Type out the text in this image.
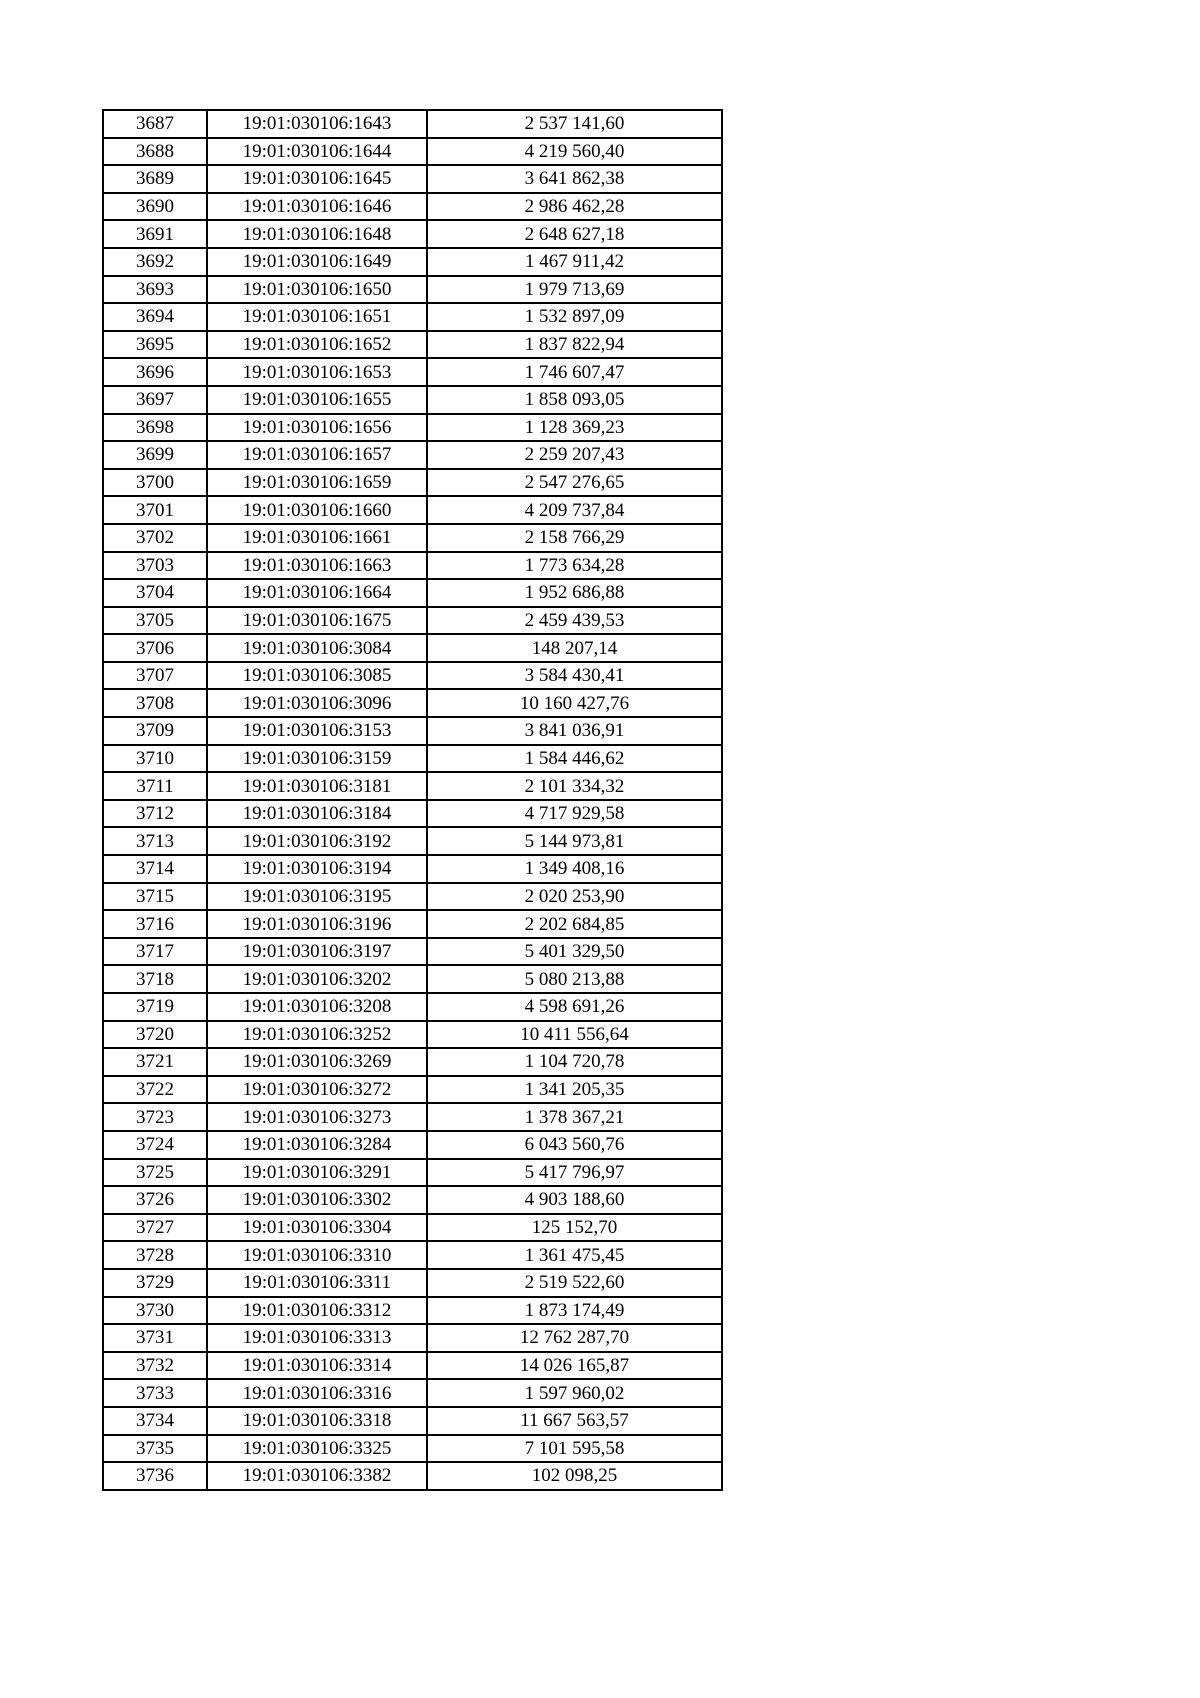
3687	19:01:030106:1643	2 537 141,60
3688	19:01:030106:1644	4 219 560,40
3689	19:01:030106:1645	3 641 862,38
3690	19:01:030106:1646	2 986 462,28
3691	19:01:030106:1648	2 648 627,18
3692	19:01:030106:1649	1 467 911,42
3693	19:01:030106:1650	1 979 713,69
3694	19:01:030106:1651	1 532 897,09
3695	19:01:030106:1652	1 837 822,94
3696	19:01:030106:1653	1 746 607,47
3697	19:01:030106:1655	1 858 093,05
3698	19:01:030106:1656	1 128 369,23
3699	19:01:030106:1657	2 259 207,43
3700	19:01:030106:1659	2 547 276,65
3701	19:01:030106:1660	4 209 737,84
3702	19:01:030106:1661	2 158 766,29
3703	19:01:030106:1663	1 773 634,28
3704	19:01:030106:1664	1 952 686,88
3705	19:01:030106:1675	2 459 439,53
3706	19:01:030106:3084	148 207,14
3707	19:01:030106:3085	3 584 430,41
3708	19:01:030106:3096	10 160 427,76
3709	19:01:030106:3153	3 841 036,91
3710	19:01:030106:3159	1 584 446,62
3711	19:01:030106:3181	2 101 334,32
3712	19:01:030106:3184	4 717 929,58
3713	19:01:030106:3192	5 144 973,81
3714	19:01:030106:3194	1 349 408,16
3715	19:01:030106:3195	2 020 253,90
3716	19:01:030106:3196	2 202 684,85
3717	19:01:030106:3197	5 401 329,50
3718	19:01:030106:3202	5 080 213,88
3719	19:01:030106:3208	4 598 691,26
3720	19:01:030106:3252	10 411 556,64
3721	19:01:030106:3269	1 104 720,78
3722	19:01:030106:3272	1 341 205,35
3723	19:01:030106:3273	1 378 367,21
3724	19:01:030106:3284	6 043 560,76
3725	19:01:030106:3291	5 417 796,97
3726	19:01:030106:3302	4 903 188,60
3727	19:01:030106:3304	125 152,70
3728	19:01:030106:3310	1 361 475,45
3729	19:01:030106:3311	2 519 522,60
3730	19:01:030106:3312	1 873 174,49
3731	19:01:030106:3313	12 762 287,70
3732	19:01:030106:3314	14 026 165,87
3733	19:01:030106:3316	1 597 960,02
3734	19:01:030106:3318	11 667 563,57
3735	19:01:030106:3325	7 101 595,58
3736	19:01:030106:3382	102 098,25
